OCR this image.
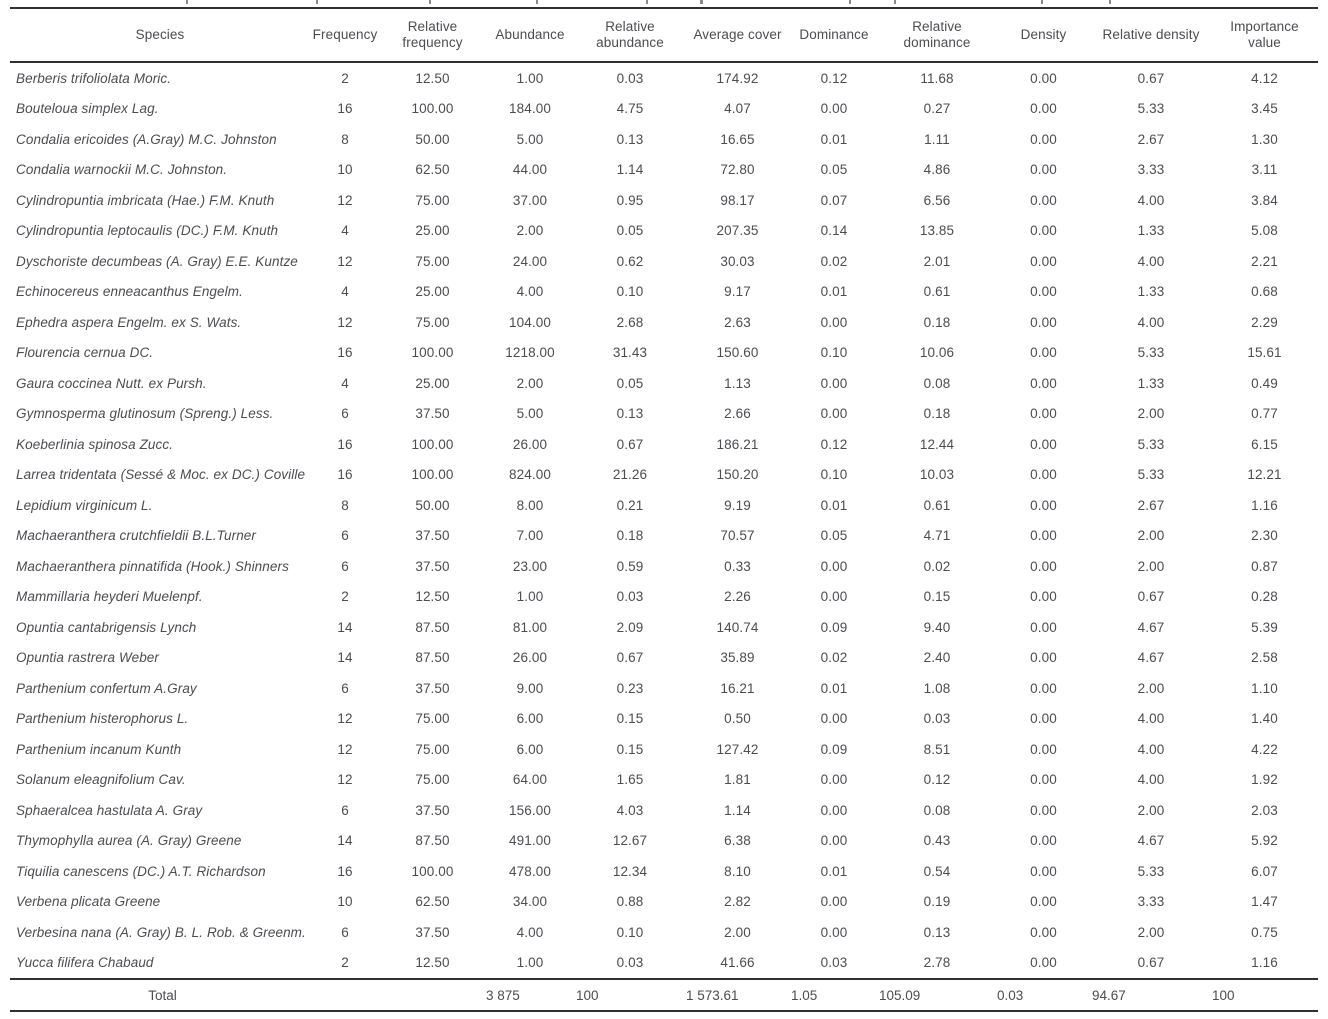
Species	Frequency	Relative frequency	Abundance	Relative abundance	Average cover	Dominance	Relative dominance	Density	Relative density	Importance value
Berberis trifoliolata Moric.	2	12.50	1.00	0.03	174.92	0.12	11.68	0.00	0.67	4.12
Bouteloua simplex Lag.	16	100.00	184.00	4.75	4.07	0.00	0.27	0.00	5.33	3.45
Condalia ericoides (A.Gray) M.C. Johnston	8	50.00	5.00	0.13	16.65	0.01	1.11	0.00	2.67	1.30
Condalia warnockii M.C. Johnston.	10	62.50	44.00	1.14	72.80	0.05	4.86	0.00	3.33	3.11
Cylindropuntia imbricata (Hae.) F.M. Knuth	12	75.00	37.00	0.95	98.17	0.07	6.56	0.00	4.00	3.84
Cylindropuntia leptocaulis (DC.) F.M. Knuth	4	25.00	2.00	0.05	207.35	0.14	13.85	0.00	1.33	5.08
Dyschoriste decumbeas (A. Gray) E.E. Kuntze	12	75.00	24.00	0.62	30.03	0.02	2.01	0.00	4.00	2.21
Echinocereus enneacanthus Engelm.	4	25.00	4.00	0.10	9.17	0.01	0.61	0.00	1.33	0.68
Ephedra aspera Engelm. ex S. Wats.	12	75.00	104.00	2.68	2.63	0.00	0.18	0.00	4.00	2.29
Flourencia cernua DC.	16	100.00	1218.00	31.43	150.60	0.10	10.06	0.00	5.33	15.61
Gaura coccinea Nutt. ex Pursh.	4	25.00	2.00	0.05	1.13	0.00	0.08	0.00	1.33	0.49
Gymnosperma glutinosum (Spreng.) Less.	6	37.50	5.00	0.13	2.66	0.00	0.18	0.00	2.00	0.77
Koeberlinia spinosa Zucc.	16	100.00	26.00	0.67	186.21	0.12	12.44	0.00	5.33	6.15
Larrea tridentata (Sessé & Moc. ex DC.) Coville	16	100.00	824.00	21.26	150.20	0.10	10.03	0.00	5.33	12.21
Lepidium virginicum L.	8	50.00	8.00	0.21	9.19	0.01	0.61	0.00	2.67	1.16
Machaeranthera crutchfieldii B.L.Turner	6	37.50	7.00	0.18	70.57	0.05	4.71	0.00	2.00	2.30
Machaeranthera pinnatifida (Hook.) Shinners	6	37.50	23.00	0.59	0.33	0.00	0.02	0.00	2.00	0.87
Mammillaria heyderi Muelenpf.	2	12.50	1.00	0.03	2.26	0.00	0.15	0.00	0.67	0.28
Opuntia cantabrigensis Lynch	14	87.50	81.00	2.09	140.74	0.09	9.40	0.00	4.67	5.39
Opuntia rastrera Weber	14	87.50	26.00	0.67	35.89	0.02	2.40	0.00	4.67	2.58
Parthenium confertum A.Gray	6	37.50	9.00	0.23	16.21	0.01	1.08	0.00	2.00	1.10
Parthenium histerophorus L.	12	75.00	6.00	0.15	0.50	0.00	0.03	0.00	4.00	1.40
Parthenium incanum Kunth	12	75.00	6.00	0.15	127.42	0.09	8.51	0.00	4.00	4.22
Solanum eleagnifolium Cav.	12	75.00	64.00	1.65	1.81	0.00	0.12	0.00	4.00	1.92
Sphaeralcea hastulata A. Gray	6	37.50	156.00	4.03	1.14	0.00	0.08	0.00	2.00	2.03
Thymophylla aurea (A. Gray) Greene	14	87.50	491.00	12.67	6.38	0.00	0.43	0.00	4.67	5.92
Tiquilia canescens (DC.) A.T. Richardson	16	100.00	478.00	12.34	8.10	0.01	0.54	0.00	5.33	6.07
Verbena plicata Greene	10	62.50	34.00	0.88	2.82	0.00	0.19	0.00	3.33	1.47
Verbesina nana (A. Gray) B. L. Rob. & Greenm.	6	37.50	4.00	0.10	2.00	0.00	0.13	0.00	2.00	0.75
Yucca filifera Chabaud	2	12.50	1.00	0.03	41.66	0.03	2.78	0.00	0.67	1.16
Total			3 875	100	1 573.61	1.05	105.09	0.03	94.67	100
